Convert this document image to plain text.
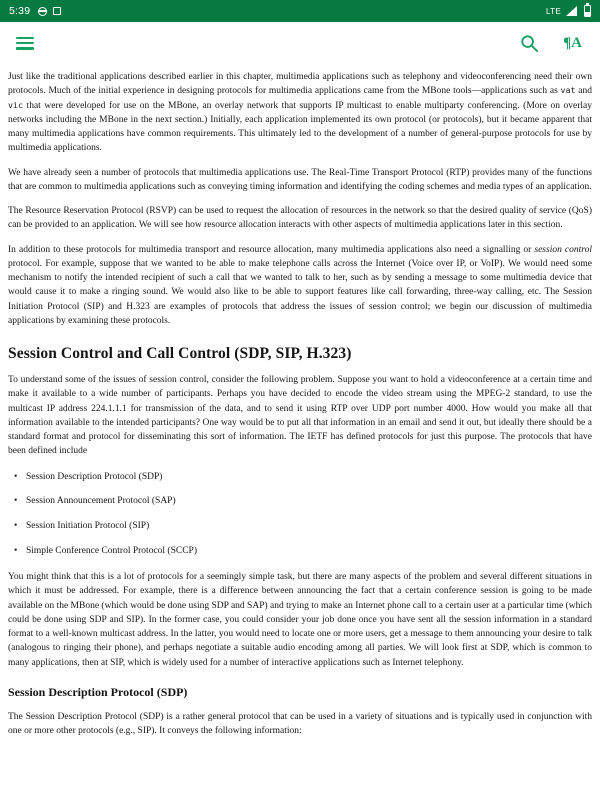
5:39	LTE
¶A

Just like the traditional applications described earlier in this chapter, multimedia applications such as telephony and videoconferencing need their own protocols. Much of the initial experience in designing protocols for multimedia applications came from the MBone tools—applications such as vat and vic that were developed for use on the MBone, an overlay network that supports IP multicast to enable multiparty conferencing. (More on overlay networks including the MBone in the next section.) Initially, each application implemented its own protocol (or protocols), but it became apparent that many multimedia applications have common requirements. This ultimately led to the development of a number of general-purpose protocols for use by multimedia applications.

We have already seen a number of protocols that multimedia applications use. The Real-Time Transport Protocol (RTP) provides many of the functions that are common to multimedia applications such as conveying timing information and identifying the coding schemes and media types of an application.

The Resource Reservation Protocol (RSVP) can be used to request the allocation of resources in the network so that the desired quality of service (QoS) can be provided to an application. We will see how resource allocation interacts with other aspects of multimedia applications later in this section.

In addition to these protocols for multimedia transport and resource allocation, many multimedia applications also need a signalling or session control protocol. For example, suppose that we wanted to be able to make telephone calls across the Internet (Voice over IP, or VoIP). We would need some mechanism to notify the intended recipient of such a call that we wanted to talk to her, such as by sending a message to some multimedia device that would cause it to make a ringing sound. We would also like to be able to support features like call forwarding, three-way calling, etc. The Session Initiation Protocol (SIP) and H.323 are examples of protocols that address the issues of session control; we begin our discussion of multimedia applications by examining these protocols.

Session Control and Call Control (SDP, SIP, H.323)

To understand some of the issues of session control, consider the following problem. Suppose you want to hold a videoconference at a certain time and make it available to a wide number of participants. Perhaps you have decided to encode the video stream using the MPEG-2 standard, to use the multicast IP address 224.1.1.1 for transmission of the data, and to send it using RTP over UDP port number 4000. How would you make all that information available to the intended participants? One way would be to put all that information in an email and send it out, but ideally there should be a standard format and protocol for disseminating this sort of information. The IETF has defined protocols for just this purpose. The protocols that have been defined include

• Session Description Protocol (SDP)
• Session Announcement Protocol (SAP)
• Session Initiation Protocol (SIP)
• Simple Conference Control Protocol (SCCP)

You might think that this is a lot of protocols for a seemingly simple task, but there are many aspects of the problem and several different situations in which it must be addressed. For example, there is a difference between announcing the fact that a certain conference session is going to be made available on the MBone (which would be done using SDP and SAP) and trying to make an Internet phone call to a certain user at a particular time (which could be done using SDP and SIP). In the former case, you could consider your job done once you have sent all the session information in a standard format to a well-known multicast address. In the latter, you would need to locate one or more users, get a message to them announcing your desire to talk (analogous to ringing their phone), and perhaps negotiate a suitable audio encoding among all parties. We will look first at SDP, which is common to many applications, then at SIP, which is widely used for a number of interactive applications such as Internet telephony.

Session Description Protocol (SDP)

The Session Description Protocol (SDP) is a rather general protocol that can be used in a variety of situations and is typically used in conjunction with one or more other protocols (e.g., SIP). It conveys the following information:
